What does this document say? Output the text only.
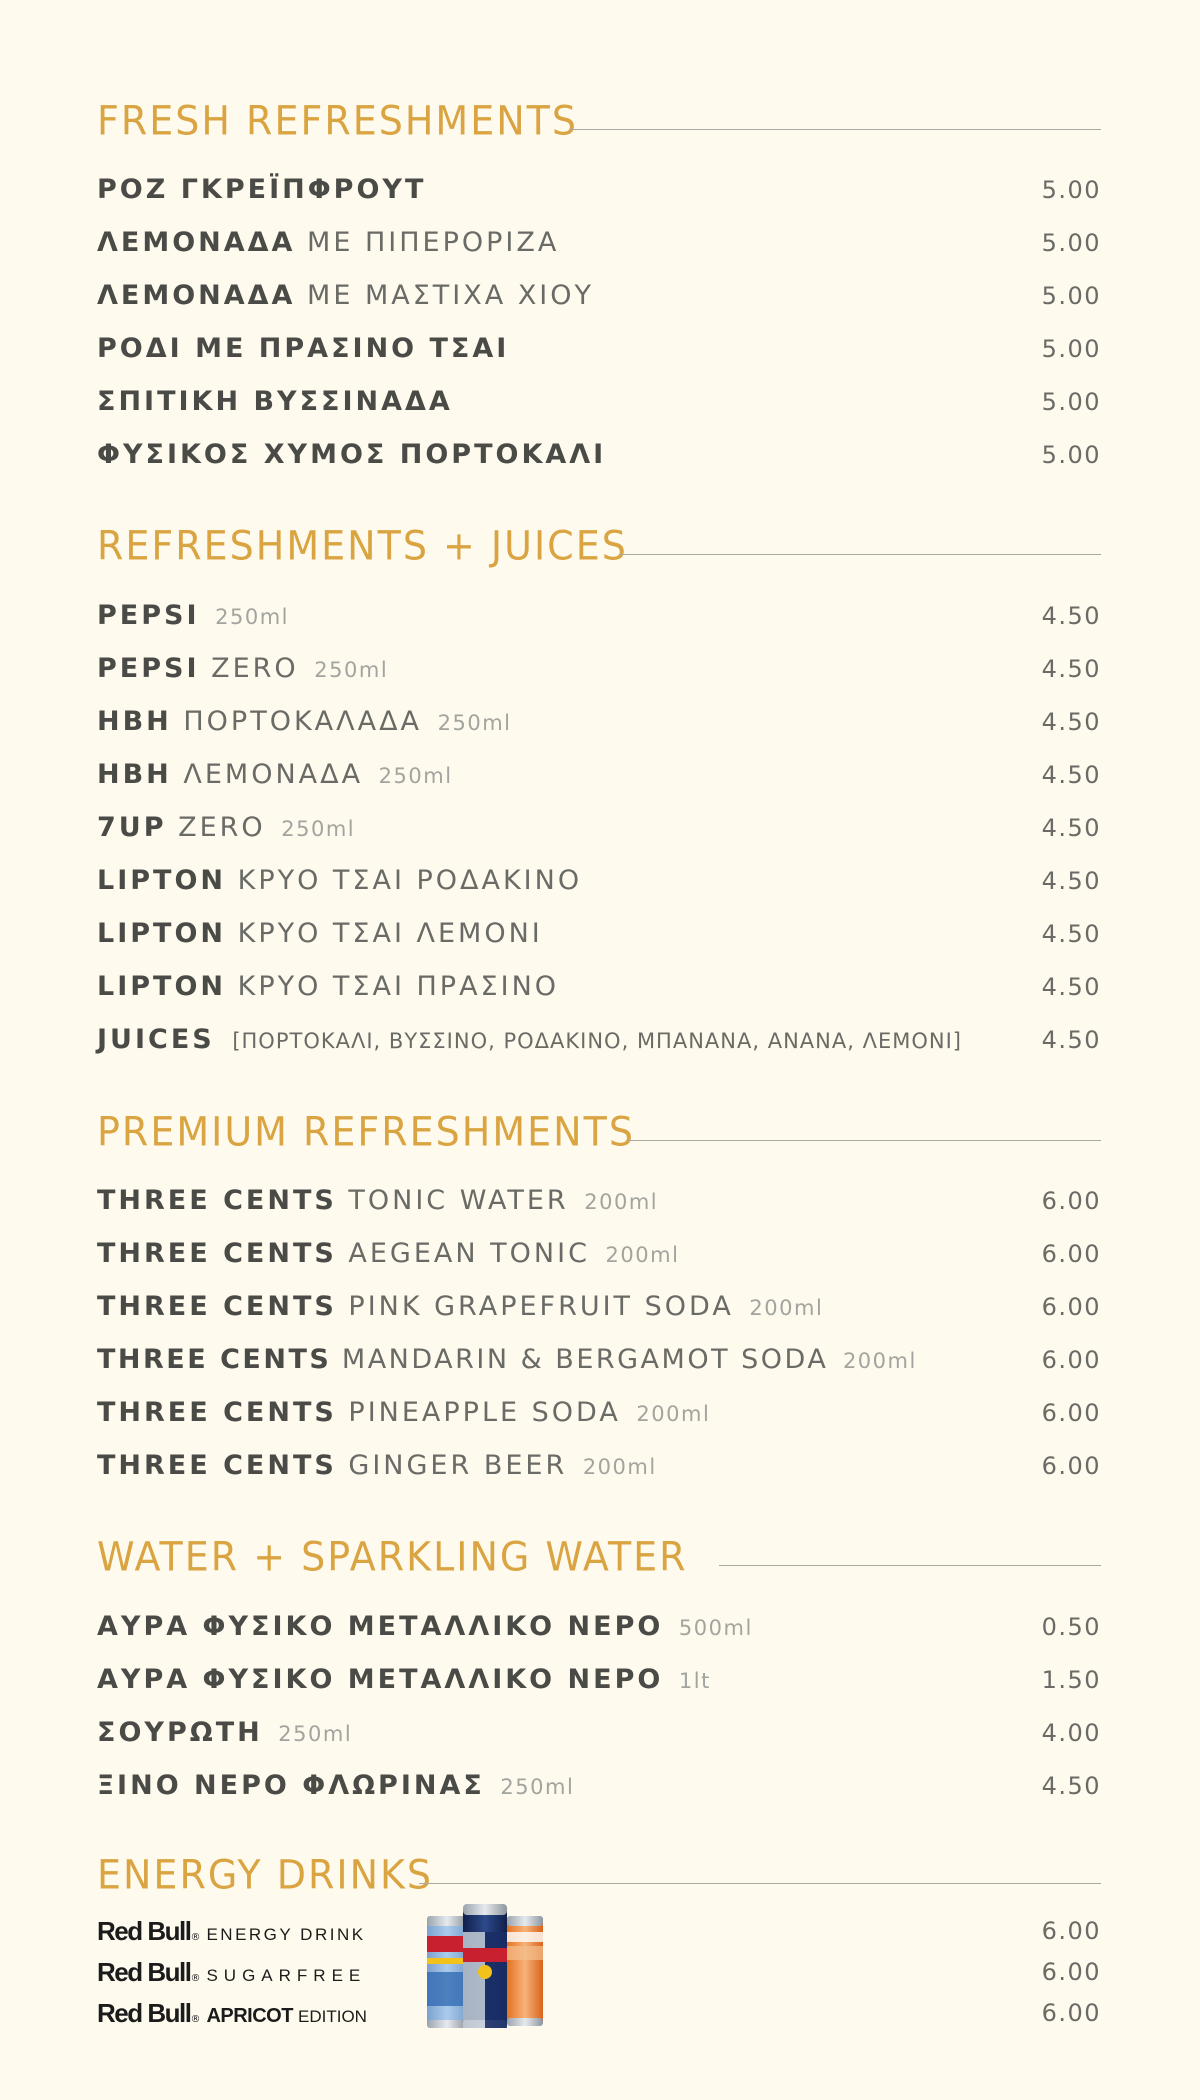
FRESH REFRESHMENTS
ΡΟΖ ΓΚΡΕΪΠΦΡΟΥΤ	5.00
ΛΕΜΟΝΑΔΑ ΜΕ ΠΙΠΕΡΟΡΙΖΑ	5.00
ΛΕΜΟΝΑΔΑ ΜΕ ΜΑΣΤΙΧΑ ΧΙΟΥ	5.00
ΡΟΔΙ ΜΕ ΠΡΑΣΙΝΟ ΤΣΑΙ	5.00
ΣΠΙΤΙΚΗ ΒΥΣΣΙΝΑΔΑ	5.00
ΦΥΣΙΚΟΣ ΧΥΜΟΣ ΠΟΡΤΟΚΑΛΙ	5.00
REFRESHMENTS + JUICES
PEPSI 250ml	4.50
PEPSI ZERO 250ml	4.50
ΗΒΗ ΠΟΡΤΟΚΑΛΑΔΑ 250ml	4.50
ΗΒΗ ΛΕΜΟΝΑΔΑ 250ml	4.50
7UP ZERO 250ml	4.50
LIPTON ΚΡΥΟ ΤΣΑΙ ΡΟΔΑΚΙΝΟ	4.50
LIPTON ΚΡΥΟ ΤΣΑΙ ΛΕΜΟΝΙ	4.50
LIPTON ΚΡΥΟ ΤΣΑΙ ΠΡΑΣΙΝΟ	4.50
JUICES [ΠΟΡΤΟΚΑΛΙ, ΒΥΣΣΙΝΟ, ΡΟΔΑΚΙΝΟ, ΜΠΑΝΑΝΑ, ΑΝΑΝΑ, ΛΕΜΟΝΙ]	4.50
PREMIUM REFRESHMENTS
THREE CENTS TONIC WATER 200ml	6.00
THREE CENTS AEGEAN TONIC 200ml	6.00
THREE CENTS PINK GRAPEFRUIT SODA 200ml	6.00
THREE CENTS MANDARIN & BERGAMOT SODA 200ml	6.00
THREE CENTS PINEAPPLE SODA 200ml	6.00
THREE CENTS GINGER BEER 200ml	6.00
WATER + SPARKLING WATER
ΑΥΡΑ ΦΥΣΙΚΟ ΜΕΤΑΛΛΙΚΟ ΝΕΡΟ 500ml	0.50
ΑΥΡΑ ΦΥΣΙΚΟ ΜΕΤΑΛΛΙΚΟ ΝΕΡΟ 1lt	1.50
ΣΟΥΡΩΤΗ 250ml	4.00
ΞΙΝΟ ΝΕΡΟ ΦΛΩΡΙΝΑΣ 250ml	4.50
ENERGY DRINKS
Red Bull ® ENERGY DRINK	6.00
Red Bull ® SUGARFREE	6.00
Red Bull ® APRICOT EDITION	6.00
